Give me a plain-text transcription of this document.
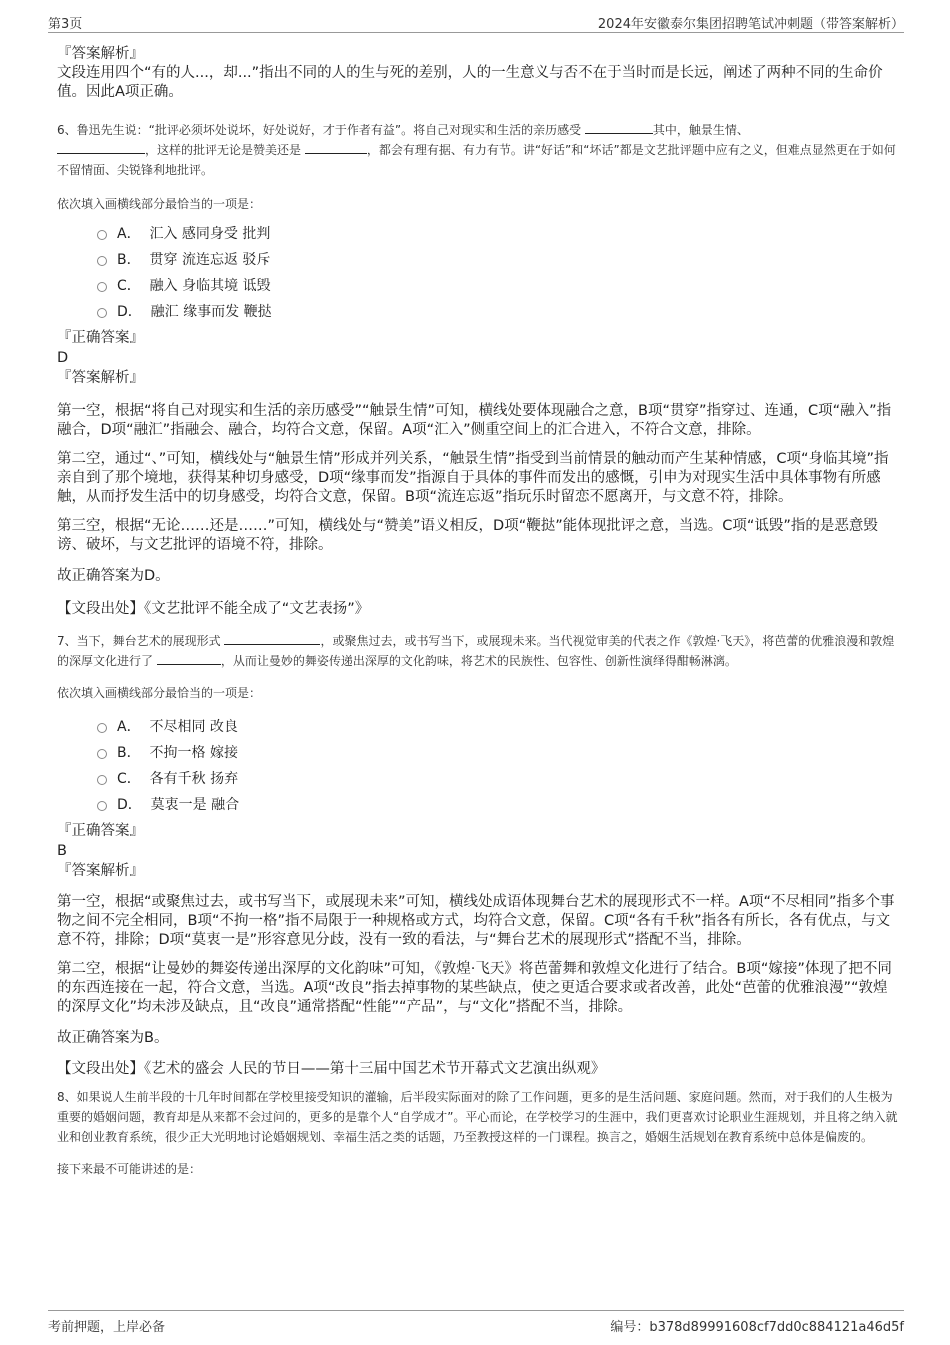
第3页	2024年安徽泰尔集团招聘笔试冲刺题（带答案解析）
『答案解析』

文段连用四个“有的人...，却...”指出不同的人的生与死的差别，人的一生意义与否不在于当时而是长远，阐述了两种不同的生命价值。因此A项正确。

6、鲁迅先生说：“批评必须坏处说坏，好处说好，才于作者有益”。将自己对现实和生活的亲历感受	其中，触景生情、
，这样的批评无论是赞美还是	，都会有理有据、有力有节。讲“好话”和“坏话”都是文艺批评题中应有之义，但难点显然更在于如何不留情面、尖锐锋利地批评。

依次填入画横线部分最恰当的一项是：

A．  汇入 感同身受 批判
B．  贯穿 流连忘返 驳斥
C．  融入 身临其境 诋毁
D．  融汇 缘事而发 鞭挞
『正确答案』
D
『答案解析』

第一空，根据“将自己对现实和生活的亲历感受”“触景生情”可知，横线处要体现融合之意，B项“贯穿”指穿过、连通，C项“融入”指融合，D项“融汇”指融会、融合，均符合文意，保留。A项“汇入”侧重空间上的汇合进入，不符合文意，排除。

第二空，通过“、”可知，横线处与“触景生情”形成并列关系，“触景生情”指受到当前情景的触动而产生某种情感，C项“身临其境”指亲自到了那个境地，获得某种切身感受，D项“缘事而发”指源自于具体的事件而发出的感慨，引申为对现实生活中具体事物有所感触，从而抒发生活中的切身感受，均符合文意，保留。B项“流连忘返”指玩乐时留恋不愿离开，与文意不符，排除。

第三空，根据“无论……还是……”可知，横线处与“赞美”语义相反，D项“鞭挞”能体现批评之意，当选。C项“诋毁”指的是恶意毁谤、破坏，与文艺批评的语境不符，排除。

故正确答案为D。

【文段出处】《文艺批评不能全成了“文艺表扬”》

7、当下，舞台艺术的展现形式	，或聚焦过去，或书写当下，或展现未来。当代视觉审美的代表之作《敦煌·飞天》，将芭蕾的优雅浪漫和敦煌的深厚文化进行了	，从而让曼妙的舞姿传递出深厚的文化韵味，将艺术的民族性、包容性、创新性演绎得酣畅淋漓。

依次填入画横线部分最恰当的一项是：

A．  不尽相同 改良
B．  不拘一格 嫁接
C．  各有千秋 扬弃
D．  莫衷一是 融合
『正确答案』
B
『答案解析』

第一空，根据“或聚焦过去，或书写当下，或展现未来”可知，横线处成语体现舞台艺术的展现形式不一样。A项“不尽相同”指多个事物之间不完全相同，B项“不拘一格”指不局限于一种规格或方式，均符合文意，保留。C项“各有千秋”指各有所长，各有优点，与文意不符，排除；D项“莫衷一是”形容意见分歧，没有一致的看法，与“舞台艺术的展现形式”搭配不当，排除。

第二空，根据“让曼妙的舞姿传递出深厚的文化韵味”可知，《敦煌·飞天》将芭蕾舞和敦煌文化进行了结合。B项“嫁接”体现了把不同的东西连接在一起，符合文意，当选。A项“改良”指去掉事物的某些缺点，使之更适合要求或者改善，此处“芭蕾的优雅浪漫”“敦煌的深厚文化”均未涉及缺点，且“改良”通常搭配“性能”“产品”，与“文化”搭配不当，排除。

故正确答案为B。

【文段出处】《艺术的盛会 人民的节日——第十三届中国艺术节开幕式文艺演出纵观》

8、如果说人生前半段的十几年时间都在学校里接受知识的灌输，后半段实际面对的除了工作问题，更多的是生活问题、家庭问题。然而，对于我们的人生极为重要的婚姻问题，教育却是从来都不会过问的，更多的是靠个人“自学成才”。平心而论，在学校学习的生涯中，我们更喜欢讨论职业生涯规划，并且将之纳入就业和创业教育系统，很少正大光明地讨论婚姻规划、幸福生活之类的话题，乃至教授这样的一门课程。换言之，婚姻生活规划在教育系统中总体是偏废的。

接下来最不可能讲述的是：

考前押题，上岸必备	编号：b378d89991608cf7dd0c884121a46d5f
